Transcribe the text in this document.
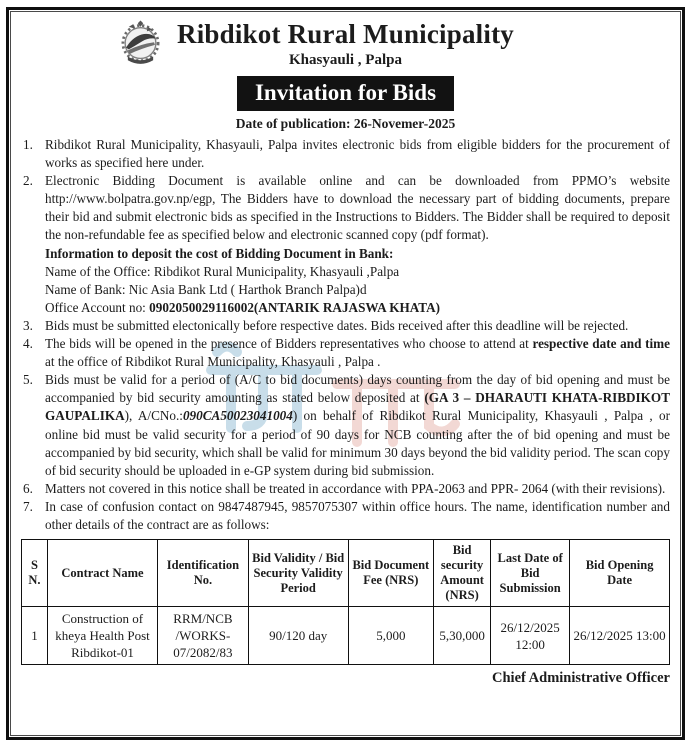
Ribdikot Rural Municipality
Khasyauli , Palpa
Invitation for Bids
Date of publication: 26-Novemer-2025
1. Ribdikot Rural Municipality, Khasyauli, Palpa invites electronic bids from eligible bidders for the procurement of works as specified here under.
2. Electronic Bidding Document is available online and can be downloaded from PPMO’s website http://www.bolpatra.gov.np/egp, The Bidders have to download the necessary part of bidding documents, prepare their bid and submit electronic bids as specified in the Instructions to Bidders. The Bidder shall be required to deposit the non-refundable fee as specified below and electronic scanned copy (pdf format).
Information to deposit the cost of Bidding Document in Bank:
Name of the Office: Ribdikot Rural Municipality, Khasyauli ,Palpa
Name of Bank: Nic Asia Bank Ltd ( Harthok Branch Palpa)d
Office Account no: 0902050029116002(ANTARIK RAJASWA KHATA)
3. Bids must be submitted electonically before respective dates. Bids received after this deadline will be rejected.
4. The bids will be opened in the presence of Bidders representatives who choose to attend at respective date and time at the office of Ribdikot Rural Municipality, Khasyauli , Palpa .
5. Bids must be valid for a period of (A/C to bid documents) days counting from the day of bid opening and must be accompanied by bid security amounting as stated below deposited at (GA 3 – DHARAUTI KHATA-RIBDIKOT GAUPALIKA), A/CNo.:090CA50023041004) on behalf of Ribdikot Rural Municipality, Khasyauli , Palpa , or online bid must be valid security for a period of 90 days for NCB counting after the of bid opening and must be accompanied by bid security, which shall be valid for minimum 30 days beyond the bid validity period. The scan copy of bid security should be uploaded in e-GP system during bid submission.
6. Matters not covered in this notice shall be treated in accordance with PPA-2063 and PPR- 2064 (with their revisions).
7. In case of confusion contact on 9847487945, 9857075307 within office hours. The name, identification number and other details of the contract are as follows:
S N.	Contract Name	Identification No.	Bid Validity / Bid Security Validity Period	Bid Document Fee (NRS)	Bid security Amount (NRS)	Last Date of Bid Submission	Bid Opening Date
1	Construction of kheya Health Post Ribdikot-01	RRM/NCB /WORKS- 07/2082/83	90/120 day	5,000	5,30,000	26/12/2025 12:00	26/12/2025 13:00
Chief Administrative Officer
